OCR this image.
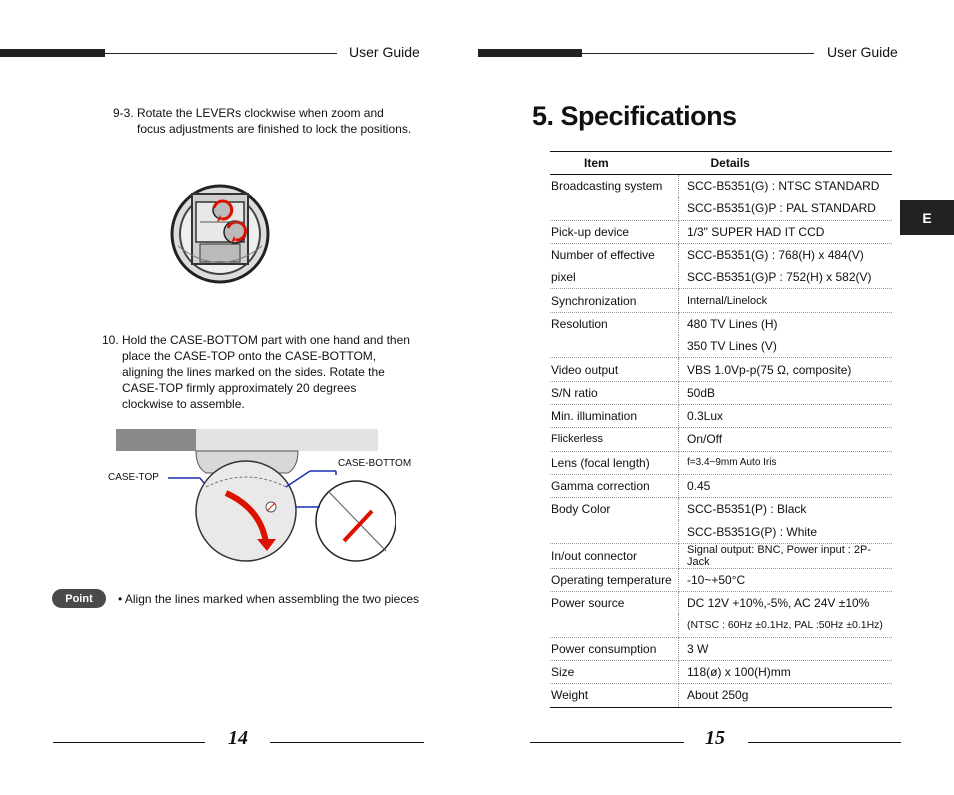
User Guide	User Guide
9-3. Rotate the LEVERs clockwise when zoom and
focus adjustments are finished to lock the positions.
10. Hold the CASE-BOTTOM part with one hand and then
place the CASE-TOP onto the CASE-BOTTOM,
aligning the lines marked on the sides. Rotate the
CASE-TOP firmly approximately 20 degrees
clockwise to assemble.
CASE-TOP
CASE-BOTTOM
Point	• Align the lines marked when assembling the two pieces
14
5. Specifications
E
Item	Details
Broadcasting system	SCC-B5351(G) : NTSC STANDARD
	SCC-B5351(G)P : PAL STANDARD
Pick-up device	1/3" SUPER HAD IT CCD
Number of effective	SCC-B5351(G) : 768(H) x 484(V)
pixel	SCC-B5351(G)P : 752(H) x 582(V)
Synchronization	Internal/Linelock
Resolution	480 TV Lines (H)
	350 TV Lines (V)
Video output	VBS 1.0Vp-p(75 Ω, composite)
S/N ratio	50dB
Min. illumination	0.3Lux
Flickerless	On/Off
Lens (focal length)	f=3.4~9mm Auto Iris
Gamma correction	0.45
Body Color	SCC-B5351(P) : Black
	SCC-B5351G(P) : White
In/out connector	Signal output: BNC, Power input : 2P-Jack
Operating temperature	-10~+50°C
Power source	DC 12V +10%,-5%, AC 24V ±10%
	(NTSC : 60Hz ±0.1Hz, PAL :50Hz ±0.1Hz)
Power consumption	3 W
Size	118(ø) x 100(H)mm
Weight	About 250g
15
